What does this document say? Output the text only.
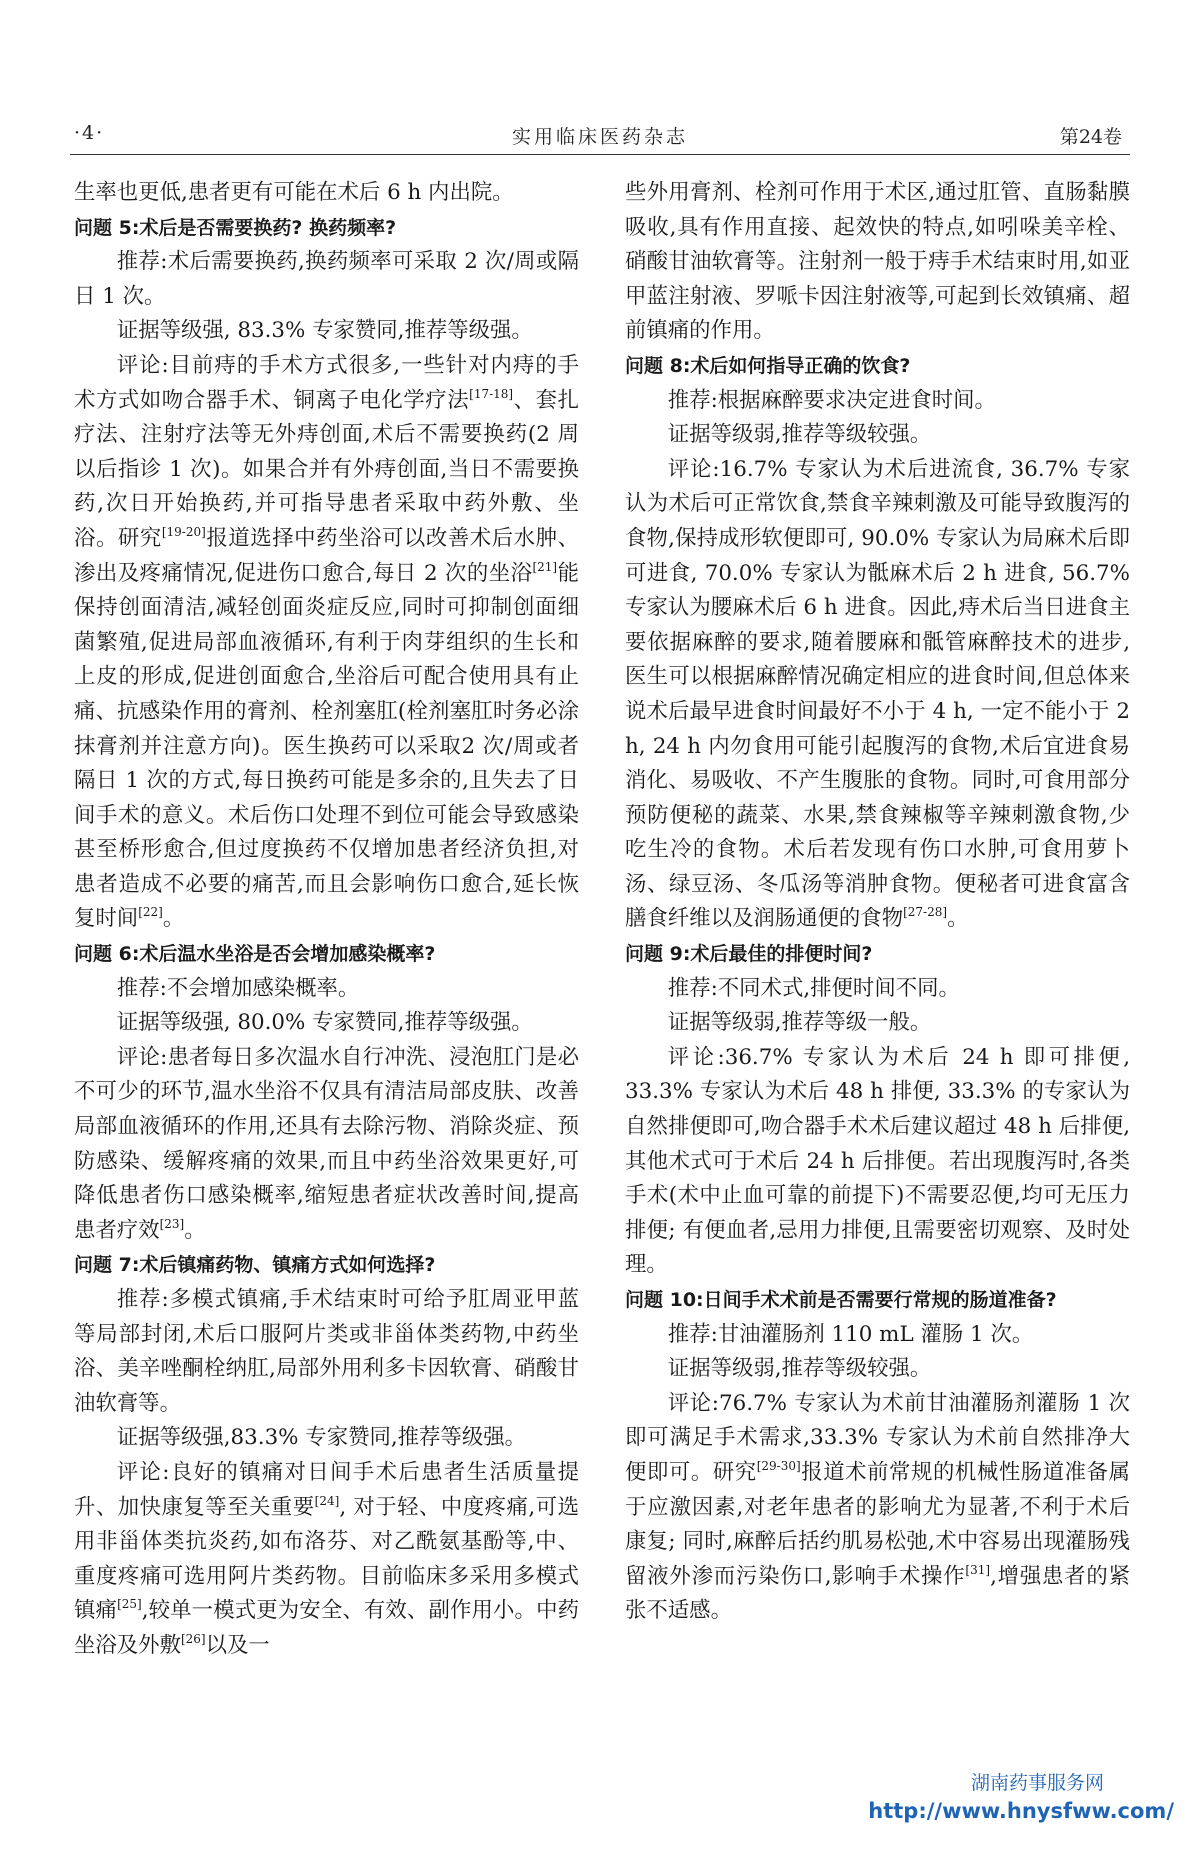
·4·	实用临床医药杂志	第24卷

生率也更低,患者更有可能在术后 6 h 内出院。

问题 5:术后是否需要换药? 换药频率?

推荐:术后需要换药,换药频率可采取 2 次/周或隔日 1 次。

证据等级强, 83.3% 专家赞同,推荐等级强。

评论:目前痔的手术方式很多,一些针对内痔的手术方式如吻合器手术、铜离子电化学疗法[17-18]、套扎疗法、注射疗法等无外痔创面,术后不需要换药(2 周以后指诊 1 次)。如果合并有外痔创面,当日不需要换药,次日开始换药,并可指导患者采取中药外敷、坐浴。研究[19-20]报道选择中药坐浴可以改善术后水肿、渗出及疼痛情况,促进伤口愈合,每日 2 次的坐浴[21]能保持创面清洁,减轻创面炎症反应,同时可抑制创面细菌繁殖,促进局部血液循环,有利于肉芽组织的生长和上皮的形成,促进创面愈合,坐浴后可配合使用具有止痛、抗感染作用的膏剂、栓剂塞肛(栓剂塞肛时务必涂抹膏剂并注意方向)。医生换药可以采取2 次/周或者隔日 1 次的方式,每日换药可能是多余的,且失去了日间手术的意义。术后伤口处理不到位可能会导致感染甚至桥形愈合,但过度换药不仅增加患者经济负担,对患者造成不必要的痛苦,而且会影响伤口愈合,延长恢复时间[22]。

问题 6:术后温水坐浴是否会增加感染概率?

推荐:不会增加感染概率。

证据等级强, 80.0% 专家赞同,推荐等级强。

评论:患者每日多次温水自行冲洗、浸泡肛门是必不可少的环节,温水坐浴不仅具有清洁局部皮肤、改善局部血液循环的作用,还具有去除污物、消除炎症、预防感染、缓解疼痛的效果,而且中药坐浴效果更好,可降低患者伤口感染概率,缩短患者症状改善时间,提高患者疗效[23]。

问题 7:术后镇痛药物、镇痛方式如何选择?

推荐:多模式镇痛,手术结束时可给予肛周亚甲蓝等局部封闭,术后口服阿片类或非甾体类药物,中药坐浴、美辛唑酮栓纳肛,局部外用利多卡因软膏、硝酸甘油软膏等。

证据等级强,83.3% 专家赞同,推荐等级强。

评论:良好的镇痛对日间手术后患者生活质量提升、加快康复等至关重要[24], 对于轻、中度疼痛,可选用非甾体类抗炎药,如布洛芬、对乙酰氨基酚等,中、重度疼痛可选用阿片类药物。目前临床多采用多模式镇痛[25],较单一模式更为安全、有效、副作用小。中药坐浴及外敷[26]以及一

些外用膏剂、栓剂可作用于术区,通过肛管、直肠黏膜吸收,具有作用直接、起效快的特点,如吲哚美辛栓、硝酸甘油软膏等。注射剂一般于痔手术结束时用,如亚甲蓝注射液、罗哌卡因注射液等,可起到长效镇痛、超前镇痛的作用。

问题 8:术后如何指导正确的饮食?

推荐:根据麻醉要求决定进食时间。

证据等级弱,推荐等级较强。

评论:16.7% 专家认为术后进流食, 36.7% 专家认为术后可正常饮食,禁食辛辣刺激及可能导致腹泻的食物,保持成形软便即可, 90.0% 专家认为局麻术后即可进食, 70.0% 专家认为骶麻术后 2 h 进食, 56.7% 专家认为腰麻术后 6 h 进食。因此,痔术后当日进食主要依据麻醉的要求,随着腰麻和骶管麻醉技术的进步,医生可以根据麻醉情况确定相应的进食时间,但总体来说术后最早进食时间最好不小于 4 h, 一定不能小于 2 h, 24 h 内勿食用可能引起腹泻的食物,术后宜进食易消化、易吸收、不产生腹胀的食物。同时,可食用部分预防便秘的蔬菜、水果,禁食辣椒等辛辣刺激食物,少吃生冷的食物。术后若发现有伤口水肿,可食用萝卜汤、绿豆汤、冬瓜汤等消肿食物。便秘者可进食富含膳食纤维以及润肠通便的食物[27-28]。

问题 9:术后最佳的排便时间?

推荐:不同术式,排便时间不同。

证据等级弱,推荐等级一般。

评论:36.7% 专家认为术后 24 h 即可排便, 33.3% 专家认为术后 48 h 排便, 33.3% 的专家认为自然排便即可,吻合器手术术后建议超过 48 h 后排便,其他术式可于术后 24 h 后排便。若出现腹泻时,各类手术(术中止血可靠的前提下)不需要忍便,均可无压力排便; 有便血者,忌用力排便,且需要密切观察、及时处理。

问题 10:日间手术术前是否需要行常规的肠道准备?

推荐:甘油灌肠剂 110 mL 灌肠 1 次。

证据等级弱,推荐等级较强。

评论:76.7% 专家认为术前甘油灌肠剂灌肠 1 次即可满足手术需求,33.3% 专家认为术前自然排净大便即可。研究[29-30]报道术前常规的机械性肠道准备属于应激因素,对老年患者的影响尤为显著,不利于术后康复; 同时,麻醉后括约肌易松弛,术中容易出现灌肠残留液外渗而污染伤口,影响手术操作[31],增强患者的紧张不适感。

湖南药事服务网
http://www.hnysfww.com/
